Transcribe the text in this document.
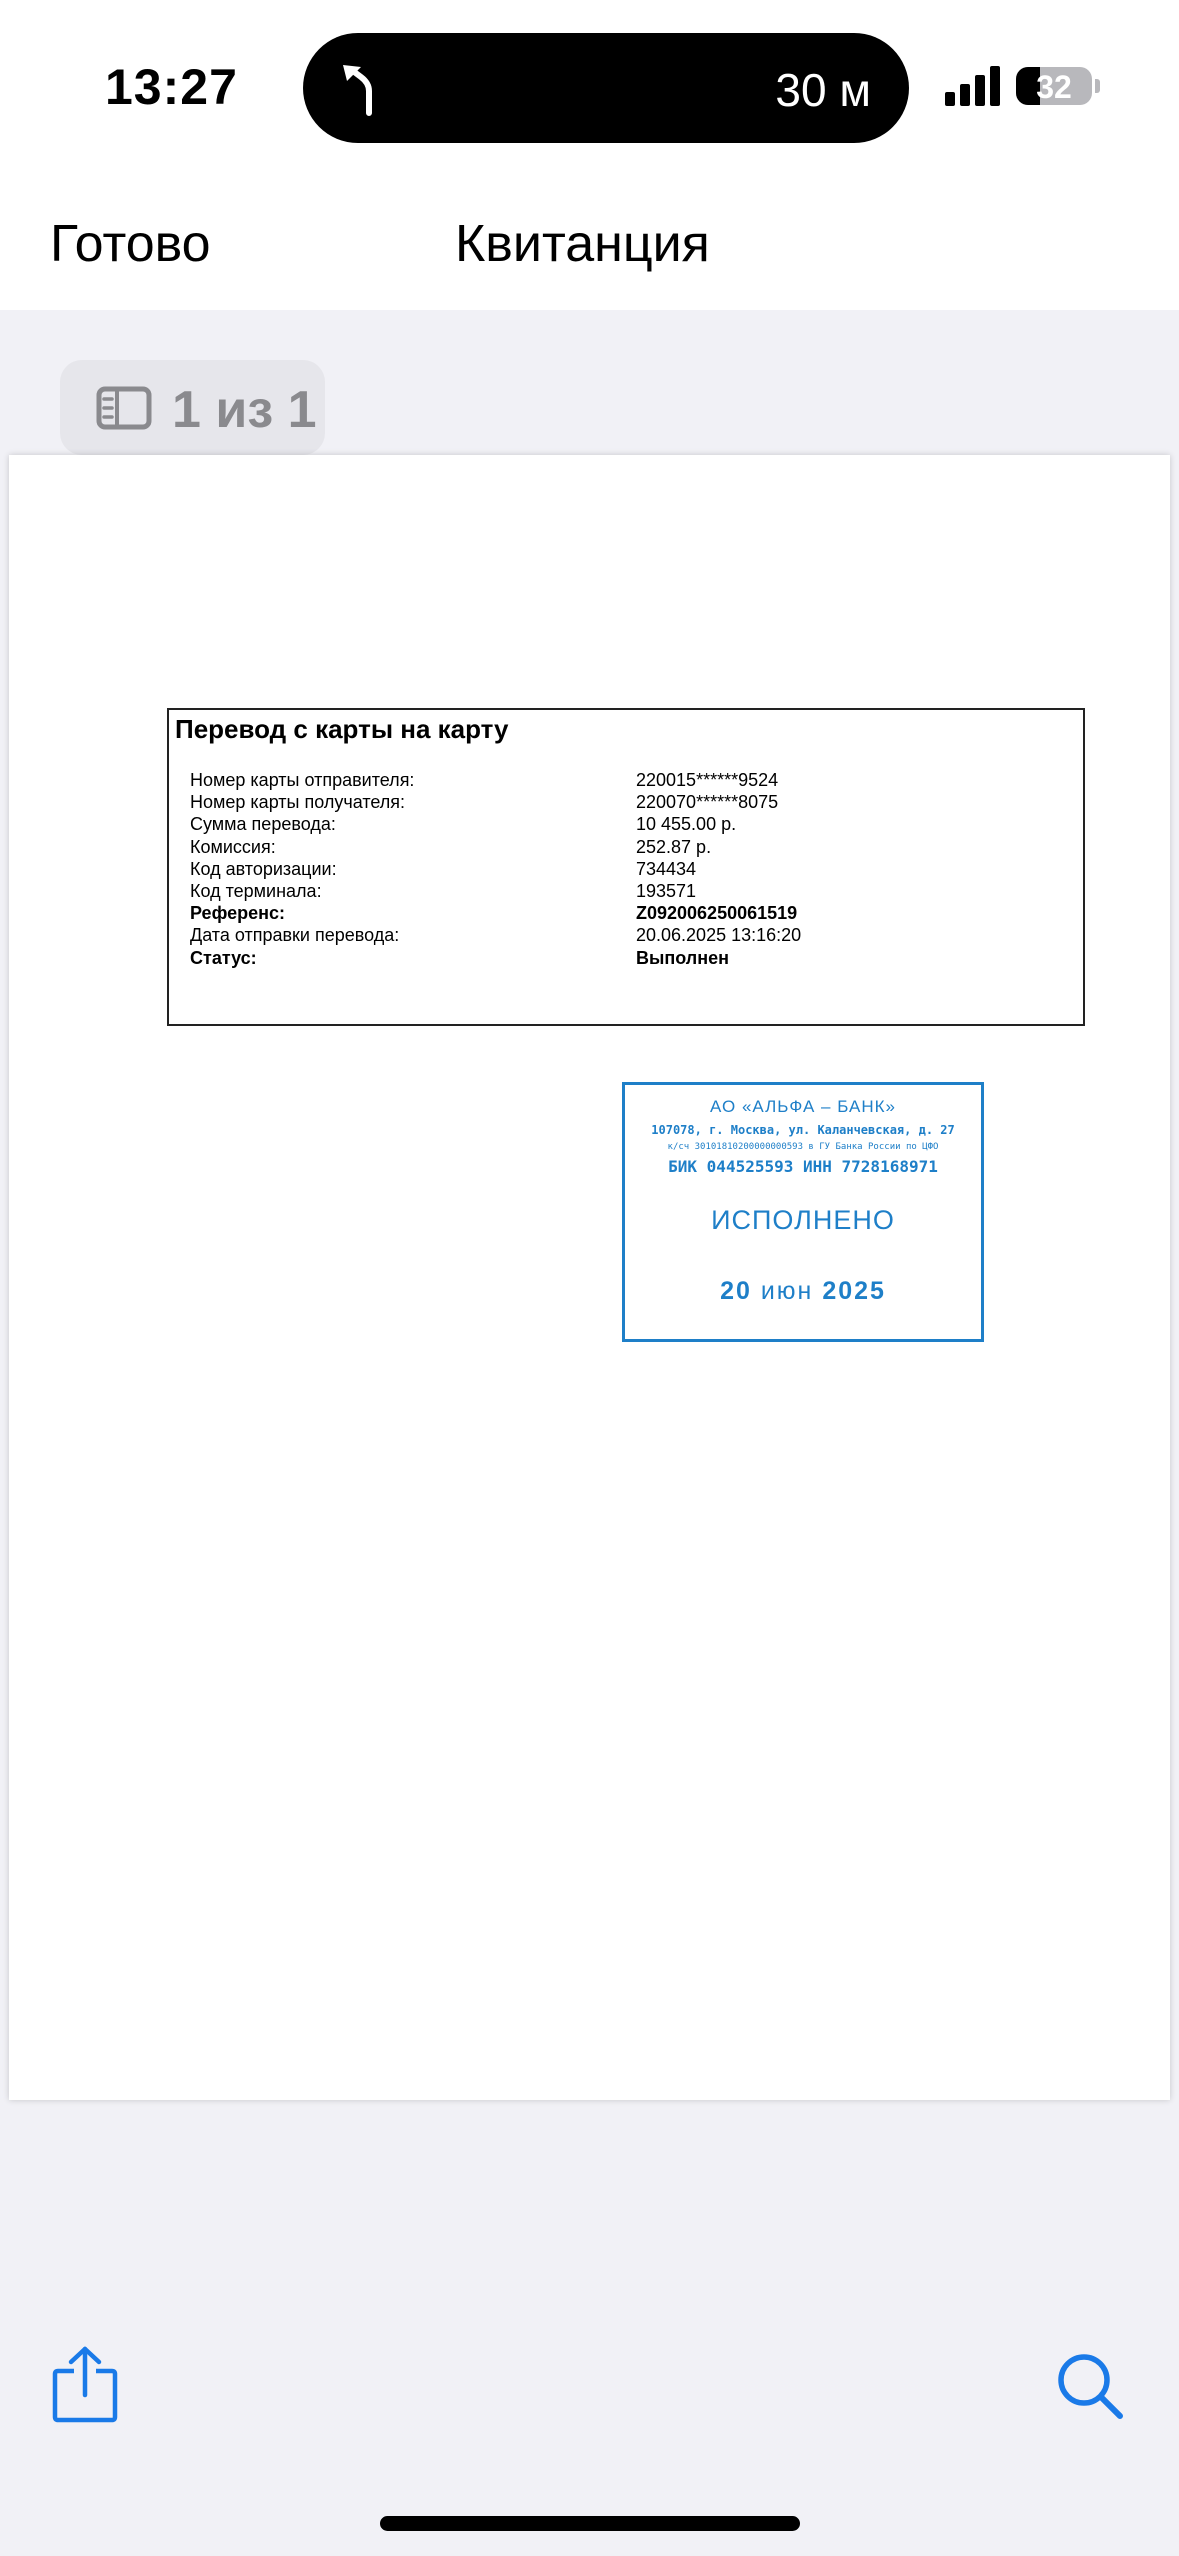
13:27	30 м	32
Готово	Квитанция
1 из 1
Перевод с карты на карту
Номер карты отправителя:	220015******9524
Номер карты получателя:	220070******8075
Сумма перевода:	10 455.00 р.
Комиссия:	252.87 р.
Код авторизации:	734434
Код терминала:	193571
Референс:	Z092006250061519
Дата отправки перевода:	20.06.2025 13:16:20
Статус:	Выполнен
АО «АЛЬФА – БАНК»
107078, г. Москва, ул. Каланчевская, д. 27
к/сч 30101810200000000593 в ГУ Банка России по ЦФО
БИК 044525593 ИНН 7728168971
ИСПОЛНЕНО
20 июн 2025
